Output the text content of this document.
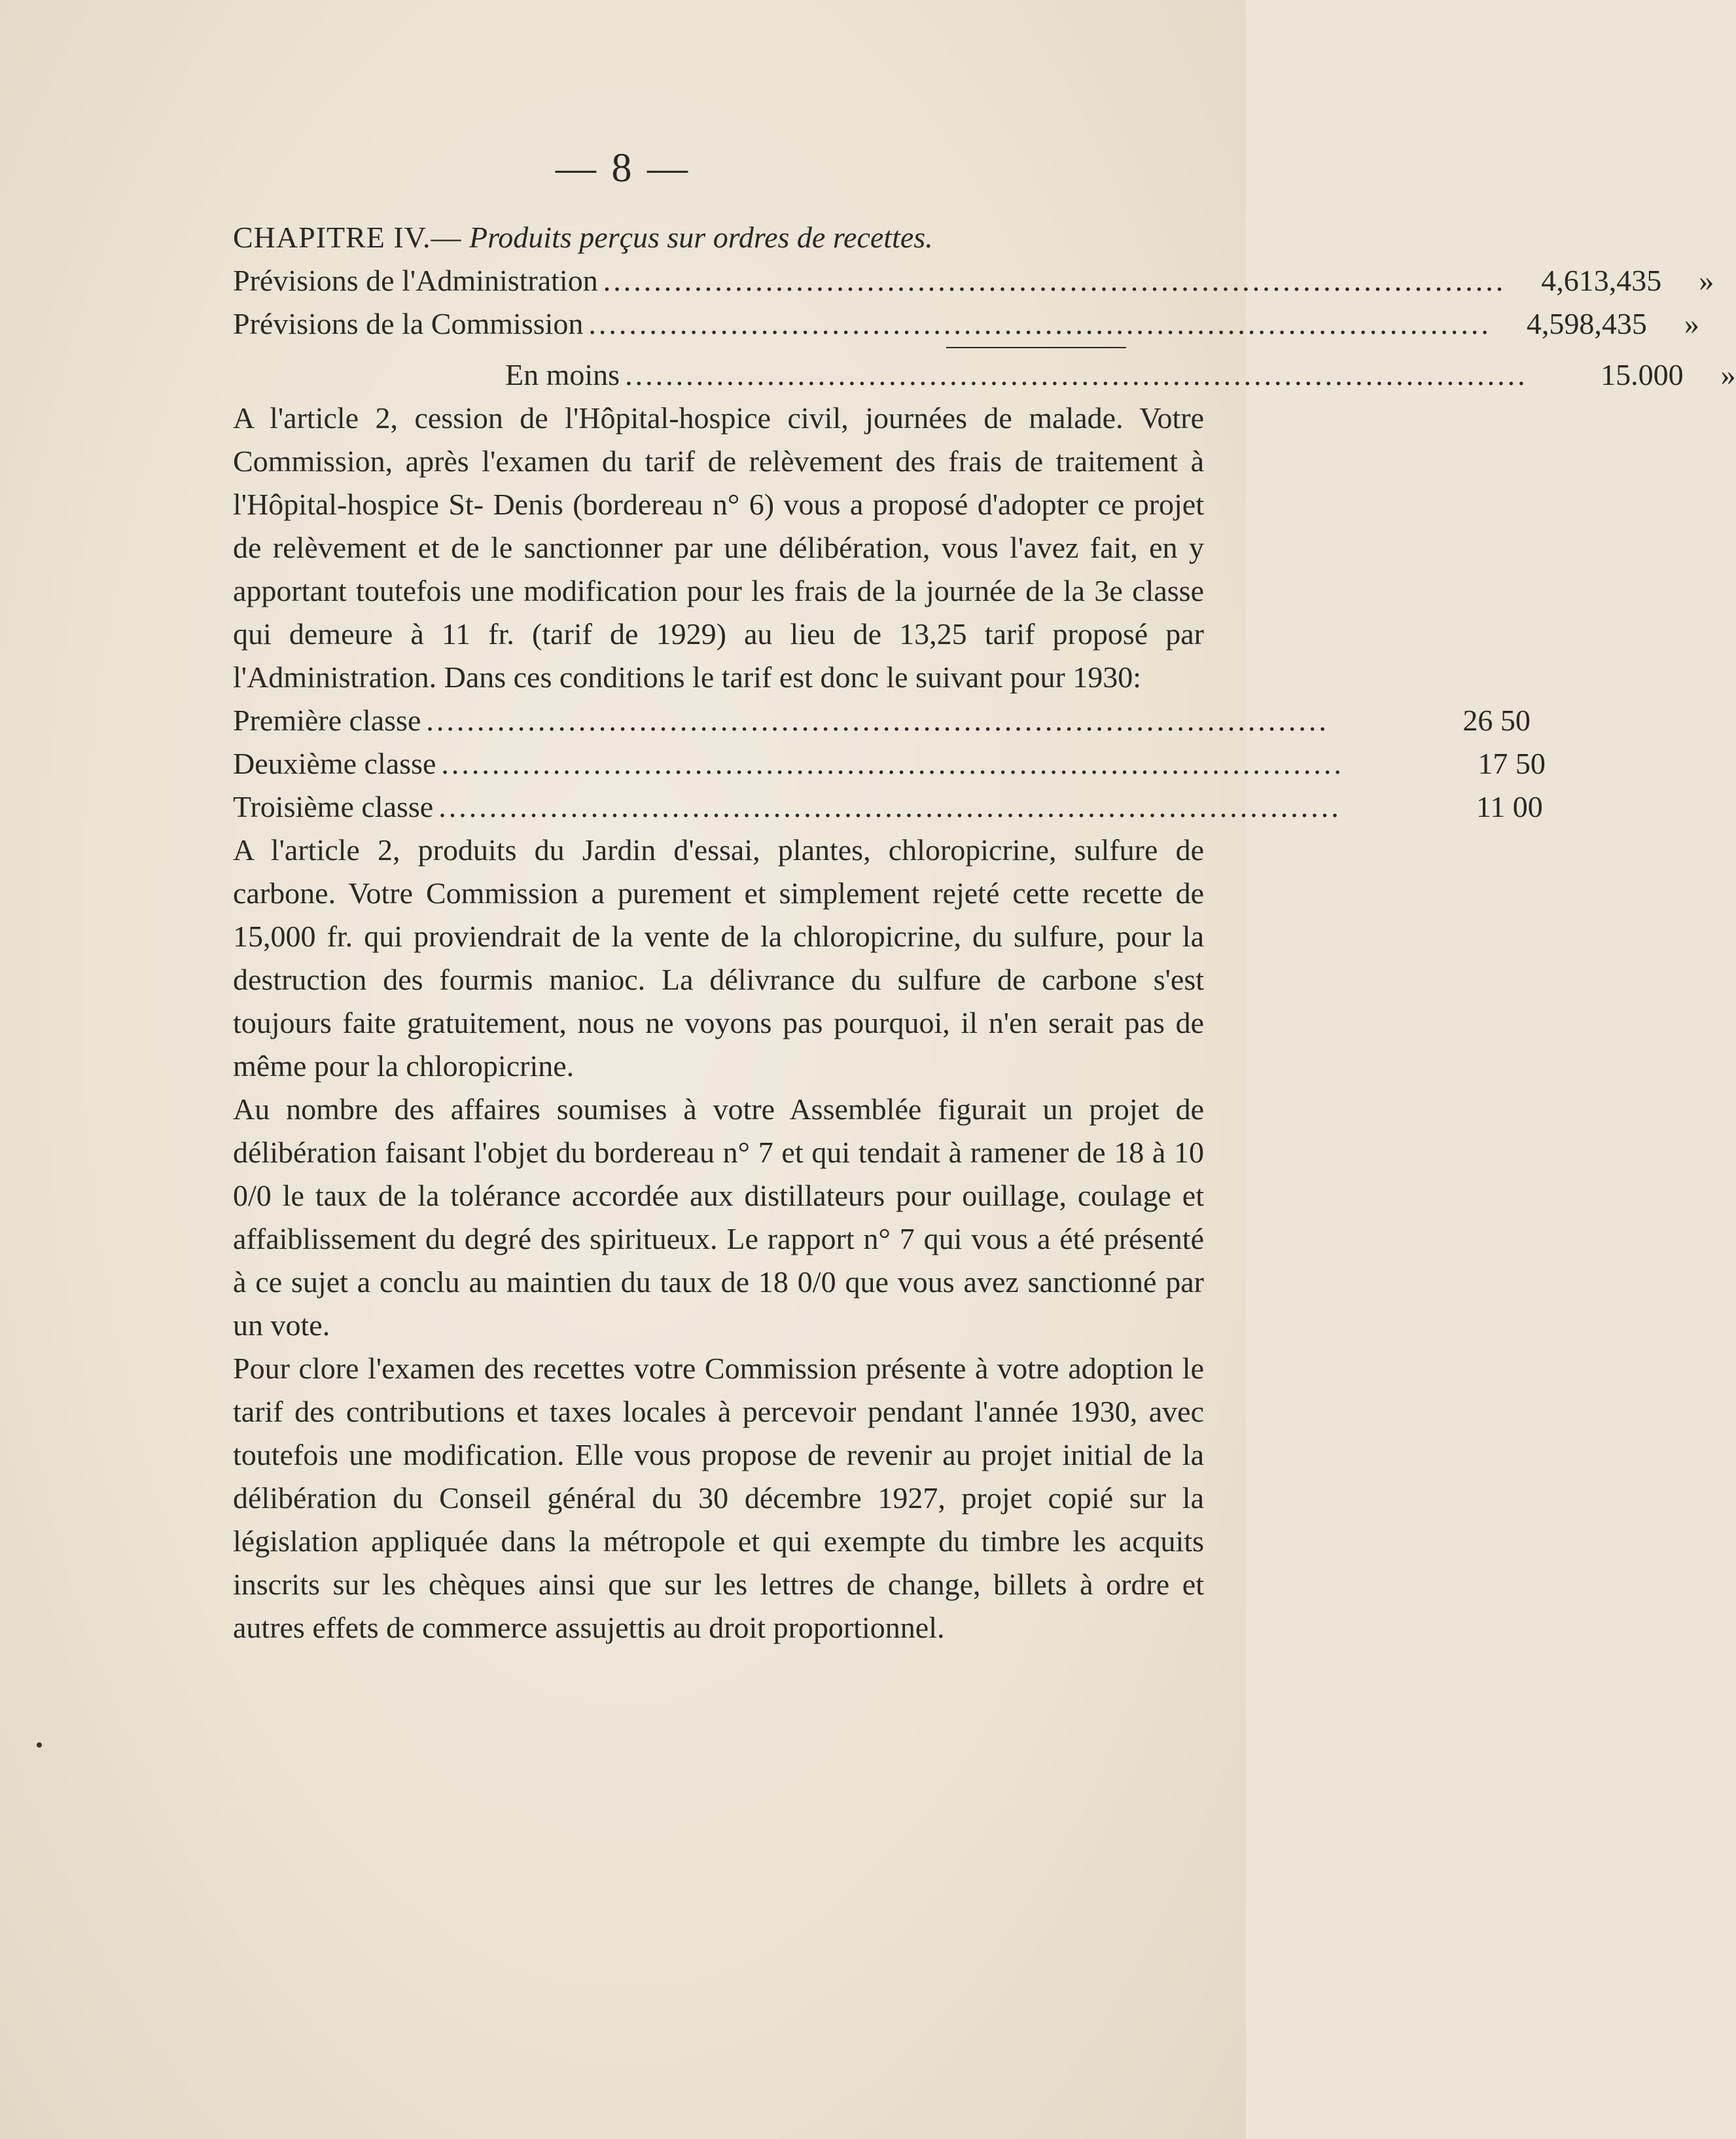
— 8 —
CHAPITRE IV.— Produits perçus sur ordres de recettes.
Prévisions de l'Administration .........................................................................................	4,613,435	»
Prévisions de la Commission .........................................................................................	4,598,435	»
En moins .........................................................................................	15.000	»

A l'article 2, cession de l'Hôpital-hospice civil, journées de malade. Votre Commission, après l'examen du tarif de relèvement des frais de traitement à l'Hôpital-hospice St- Denis (bordereau n° 6) vous a proposé d'adopter ce projet de relèvement et de le sanctionner par une délibération, vous l'avez fait, en y apportant toutefois une modification pour les frais de la journée de la 3e classe qui demeure à 11 fr. (tarif de 1929) au lieu de 13,25 tarif proposé par l'Administration. Dans ces conditions le tarif est donc le suivant pour 1930:

Première classe .........................................................................................	26 50
Deuxième classe .........................................................................................	17 50
Troisième classe .........................................................................................	11 00

A l'article 2, produits du Jardin d'essai, plantes, chloropicrine, sulfure de carbone. Votre Commission a purement et simplement rejeté cette recette de 15,000 fr. qui proviendrait de la vente de la chloropicrine, du sulfure, pour la destruction des fourmis manioc. La délivrance du sulfure de carbone s'est toujours faite gratuitement, nous ne voyons pas pourquoi, il n'en serait pas de même pour la chloropicrine.

Au nombre des affaires soumises à votre Assemblée figurait un projet de délibération faisant l'objet du bordereau n° 7 et qui tendait à ramener de 18 à 10 0/0 le taux de la tolérance accordée aux distillateurs pour ouillage, coulage et affaiblissement du degré des spiritueux. Le rapport n° 7 qui vous a été présenté à ce sujet a conclu au maintien du taux de 18 0/0 que vous avez sanctionné par un vote.

Pour clore l'examen des recettes votre Commission présente à votre adoption le tarif des contributions et taxes locales à percevoir pendant l'année 1930, avec toutefois une modification. Elle vous propose de revenir au projet initial de la délibération du Conseil général du 30 décembre 1927, projet copié sur la législation appliquée dans la métropole et qui exempte du timbre les acquits inscrits sur les chèques ainsi que sur les lettres de change, billets à ordre et autres effets de commerce assujettis au droit proportionnel.
